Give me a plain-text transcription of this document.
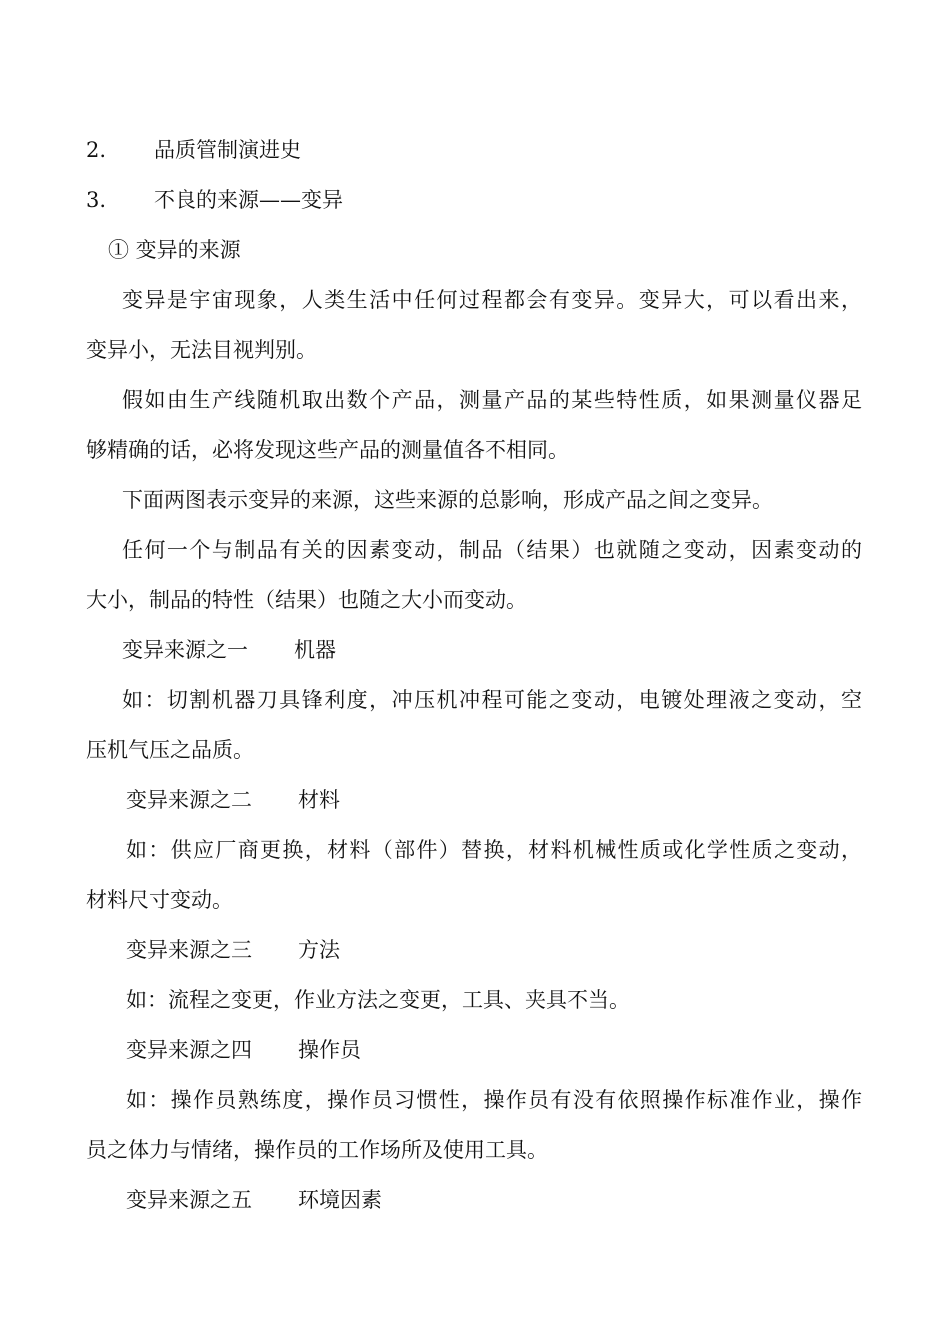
2. 品质管制演进史
3. 不良的来源——变异
① 变异的来源
变异是宇宙现象，人类生活中任何过程都会有变异。变异大，可以看出来，
变异小，无法目视判别。
假如由生产线随机取出数个产品，测量产品的某些特性质，如果测量仪器足
够精确的话，必将发现这些产品的测量值各不相同。
下面两图表示变异的来源，这些来源的总影响，形成产品之间之变异。
任何一个与制品有关的因素变动，制品（结果）也就随之变动，因素变动的
大小，制品的特性（结果）也随之大小而变动。
变异来源之一 机器
如：切割机器刀具锋利度，冲压机冲程可能之变动，电镀处理液之变动，空
压机气压之品质。
变异来源之二 材料
如：供应厂商更换，材料（部件）替换，材料机械性质或化学性质之变动，
材料尺寸变动。
变异来源之三 方法
如：流程之变更，作业方法之变更，工具、夹具不当。
变异来源之四 操作员
如：操作员熟练度，操作员习惯性，操作员有没有依照操作标准作业，操作
员之体力与情绪，操作员的工作场所及使用工具。
变异来源之五 环境因素
